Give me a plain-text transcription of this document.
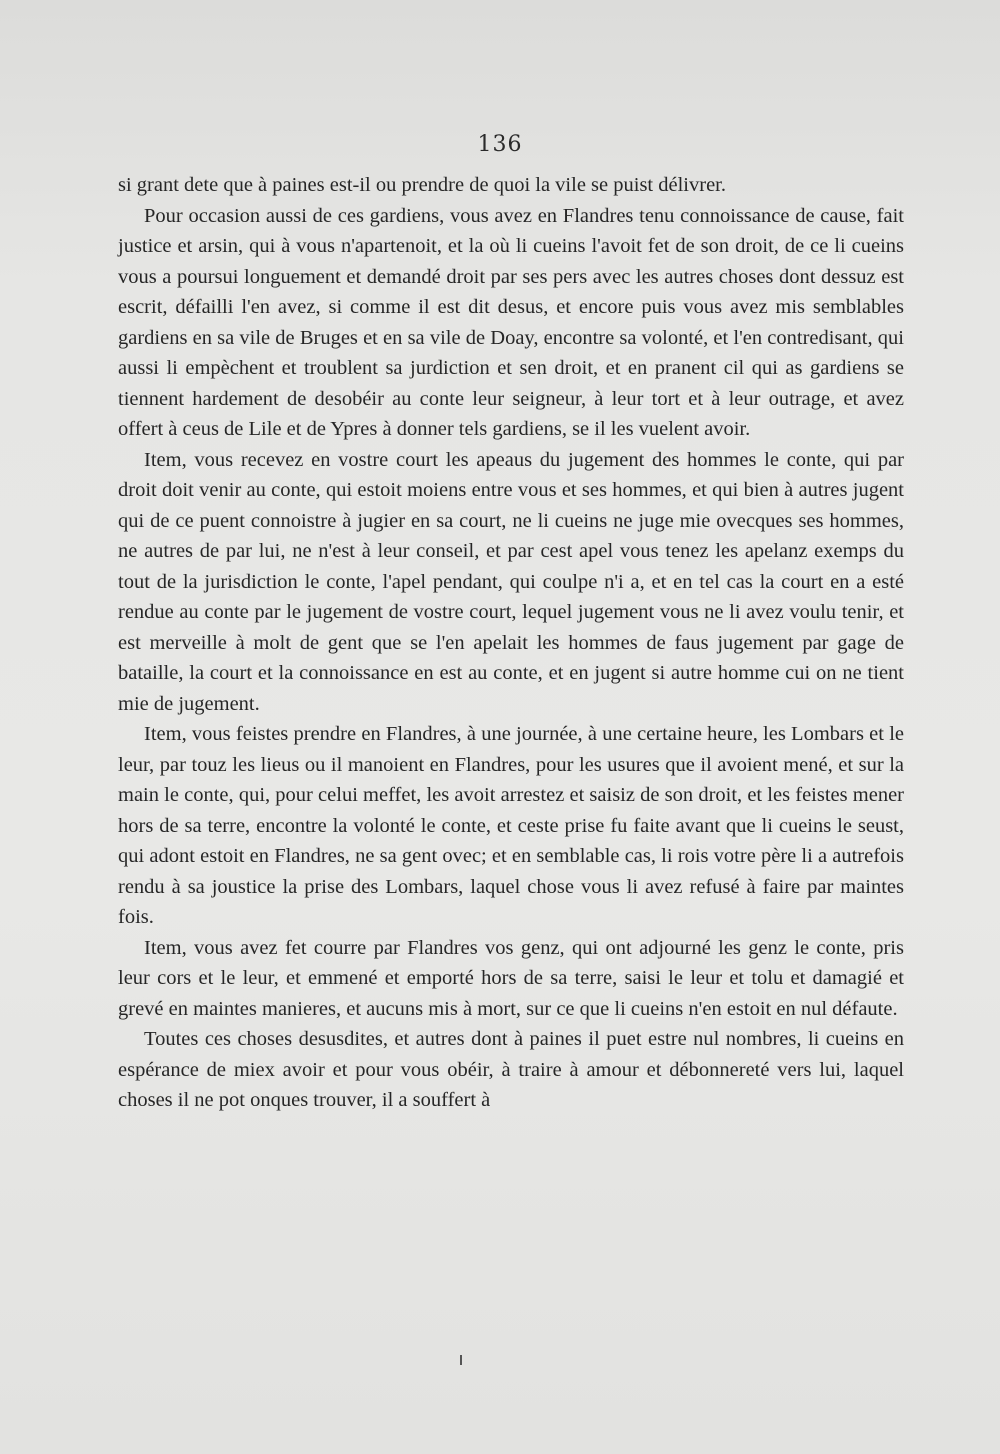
136

si grant dete que à paines est-il ou prendre de quoi la vile se puist délivrer.

Pour occasion aussi de ces gardiens, vous avez en Flandres tenu connoissance de cause, fait justice et arsin, qui à vous n'apartenoit, et la où li cueins l'avoit fet de son droit, de ce li cueins vous a poursui longuement et demandé droit par ses pers avec les autres choses dont dessuz est escrit, défailli l'en avez, si comme il est dit desus, et encore puis vous avez mis semblables gardiens en sa vile de Bruges et en sa vile de Doay, encontre sa volonté, et l'en contredisant, qui aussi li empèchent et troublent sa jurdiction et sen droit, et en pranent cil qui as gardiens se tiennent hardement de desobéir au conte leur seigneur, à leur tort et à leur outrage, et avez offert à ceus de Lile et de Ypres à donner tels gardiens, se il les vuelent avoir.

Item, vous recevez en vostre court les apeaus du jugement des hommes le conte, qui par droit doit venir au conte, qui estoit moiens entre vous et ses hommes, et qui bien à autres jugent qui de ce puent connoistre à jugier en sa court, ne li cueins ne juge mie ovecques ses hommes, ne autres de par lui, ne n'est à leur conseil, et par cest apel vous tenez les apelanz exemps du tout de la jurisdiction le conte, l'apel pendant, qui coulpe n'i a, et en tel cas la court en a esté rendue au conte par le jugement de vostre court, lequel jugement vous ne li avez voulu tenir, et est merveille à molt de gent que se l'en apelait les hommes de faus jugement par gage de bataille, la court et la connoissance en est au conte, et en jugent si autre homme cui on ne tient mie de jugement.

Item, vous feistes prendre en Flandres, à une journée, à une certaine heure, les Lombars et le leur, par touz les lieus ou il manoient en Flandres, pour les usures que il avoient mené, et sur la main le conte, qui, pour celui meffet, les avoit arrestez et saisiz de son droit, et les feistes mener hors de sa terre, encontre la volonté le conte, et ceste prise fu faite avant que li cueins le seust, qui adont estoit en Flandres, ne sa gent ovec; et en semblable cas, li rois votre père li a autrefois rendu à sa joustice la prise des Lombars, laquel chose vous li avez refusé à faire par maintes fois.

Item, vous avez fet courre par Flandres vos genz, qui ont adjourné les genz le conte, pris leur cors et le leur, et emmené et emporté hors de sa terre, saisi le leur et tolu et damagié et grevé en maintes manieres, et aucuns mis à mort, sur ce que li cueins n'en estoit en nul défaute.

Toutes ces choses desusdites, et autres dont à paines il puet estre nul nombres, li cueins en espérance de miex avoir et pour vous obéir, à traire à amour et débonnereté vers lui, laquel choses il ne pot onques trouver, il a souffert à
